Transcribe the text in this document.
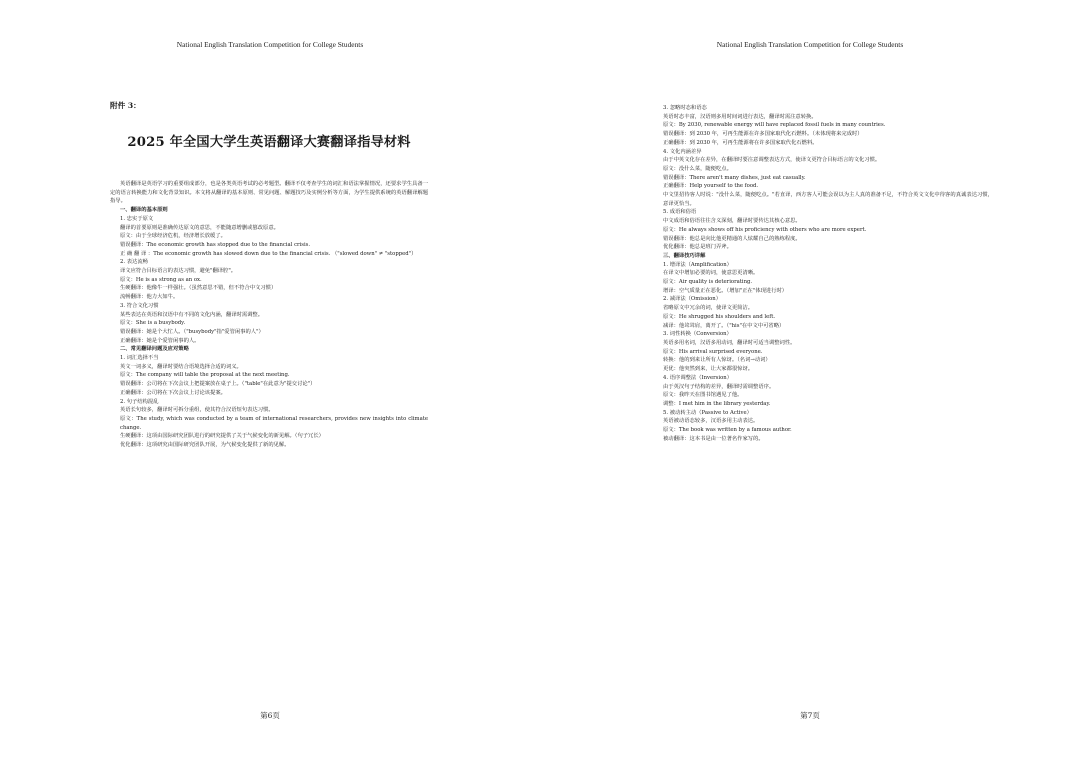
National English Translation Competition for College Students
附件 3：
2025 年全国大学生英语翻译大赛翻译指导材料

英语翻译是英语学习的重要组成部分，也是各类英语考试的必考题型。翻译不仅考查学生的词汇和语法掌握情况，还要求学生具备一定的语言转换能力和文化背景知识。本文将从翻译的基本原则、常见问题、解题技巧及实例分析等方面，为学生提供系统的英语翻译解题指导。

一、翻译的基本原则
1. 忠实于原文
翻译的首要原则是准确传达原文的意思，不能随意增删或篡改原意。
原文：由于全球经济危机，经济增长放缓了。
错误翻译：The economic growth has stopped due to the financial crisis.
正 确 翻 译 ：The economic growth has slowed down due to the financial crisis. （"slowed down" ≠ "stopped"）
2. 表达流畅
译文应符合目标语言的表达习惯，避免"翻译腔"。
原文：He is as strong as an ox.
生硬翻译：他像牛一样强壮。（虽然意思不错，但不符合中文习惯）
流畅翻译：他力大如牛。
3. 符合文化习惯
某些表达在英语和汉语中有不同的文化内涵，翻译时需调整。
原文：She is a busybody.
错误翻译：她是个大忙人。（"busybody"指"爱管闲事的人"）
正确翻译：她是个爱管闲事的人。
二、常见翻译问题及应对策略
1. 词汇选择不当
英文一词多义，翻译时要结合语境选择合适的词义。
原文：The company will table the proposal at the next meeting.
错误翻译：公司将在下次会议上把提案放在桌子上。（"table"在此意为"提交讨论"）
正确翻译：公司将在下次会议上讨论该提案。
2. 句子结构混乱
英语长句较多，翻译时可拆分重组，使其符合汉语短句表达习惯。
原文：The study, which was conducted by a team of international researchers, provides new insights into climate change.
生硬翻译：这项由国际研究团队进行的研究提供了关于气候变化的新见解。（句子冗长）
优化翻译：这项研究由国际研究团队开展，为气候变化提供了新的见解。
第6页
National English Translation Competition for College Students
3. 忽略时态和语态
英语时态丰富，汉语则多用时间词进行表达，翻译时需注意转换。
原文：By 2030, renewable energy will have replaced fossil fuels in many countries.
错误翻译：到 2030 年，可再生能源在许多国家取代化石燃料。（未体现将来完成时）
正确翻译：到 2030 年，可再生能源将在许多国家取代化石燃料。
4. 文化内涵差异
由于中英文化存在差异，在翻译时要注意调整表达方式，使译文更符合目标语言的文化习惯。
原文：没什么菜，随便吃点。
错误翻译：There aren't many dishes, just eat casually.
正确翻译：Help yourself to the food.
中文里招待客人时说："没什么菜，随便吃点。"若直译，西方客人可能会误以为主人真的准备不足，不符合英文文化中待客的真诚表达习惯，意译更恰当。
5. 成语和俗语
中文成语和俗语往往含义深刻，翻译时要传达其核心意思。
原文：He always shows off his proficiency with others who are more expert.
错误翻译：他总是向比他更精通的人炫耀自己的熟练程度。
优化翻译：他总是班门弄斧。
三、翻译技巧详解
1. 增译法（Amplification）
在译文中增加必要的词，使意思更清晰。
原文：Air quality is deteriorating.
增译：空气质量正在恶化。（增加"正在"体现进行时）
2. 减译法（Omission）
省略原文中冗余的词，使译文更简洁。
原文：He shrugged his shoulders and left.
减译：他耸耸肩，离开了。（"his"在中文中可省略）
3. 词性转换（Conversion）
英语多用名词，汉语多用动词，翻译时可适当调整词性。
原文：His arrival surprised everyone.
转换：他的到来让所有人惊讶。（名词→动词）
更优：他突然到来，让大家都很惊讶。
4. 语序调整法（Inversion）
由于英汉句子结构的差异，翻译时需调整语序。
原文：我昨天在图书馆遇见了他。
调整：I met him in the library yesterday.
5. 被动转主动（Passive to Active）
英语被动语态较多，汉语多用主动表达。
原文：The book was written by a famous author.
被动翻译：这本书是由一位著名作家写的。
第7页
